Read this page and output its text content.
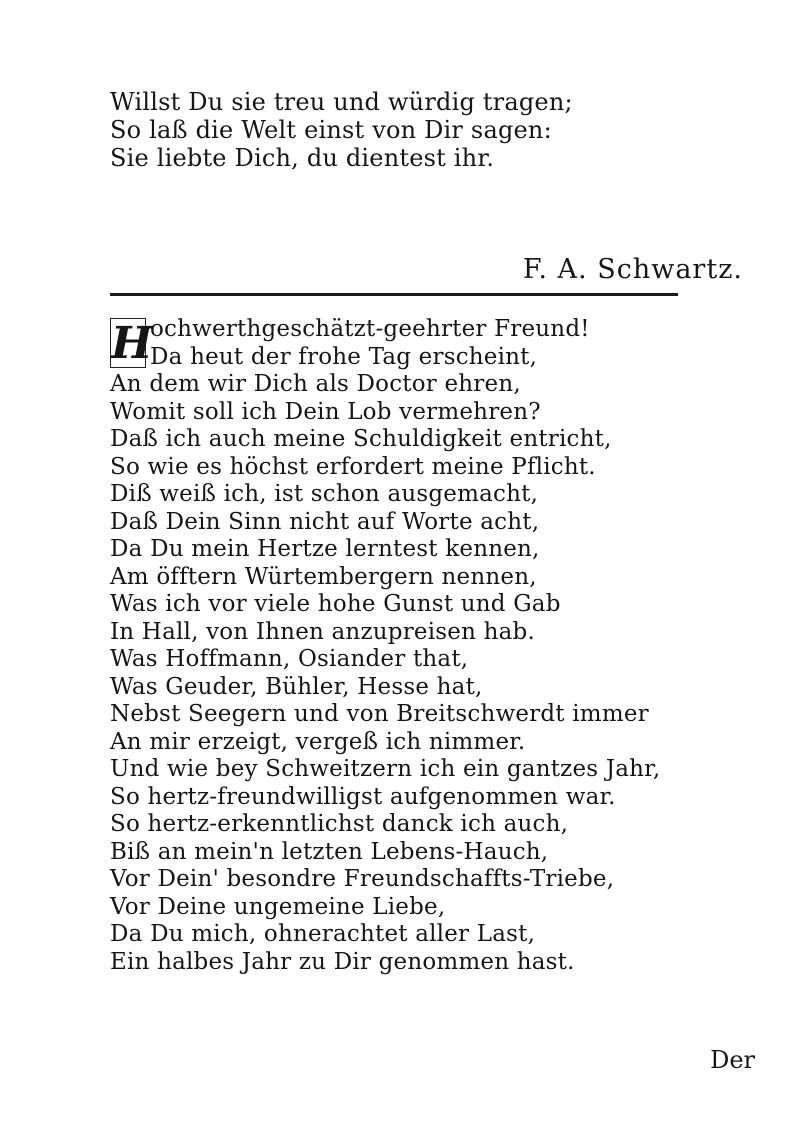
Willst Du sie treu und würdig tragen;
So laß die Welt einst von Dir sagen:
Sie liebte Dich, du dientest ihr.
F. A. Schwartz.
H
ochwerthgeschätzt-geehrter Freund!
Da heut der frohe Tag erscheint,
An dem wir Dich als Doctor ehren,
Womit soll ich Dein Lob vermehren?
Daß ich auch meine Schuldigkeit entricht,
So wie es höchst erfordert meine Pflicht.
Diß weiß ich, ist schon ausgemacht,
Daß Dein Sinn nicht auf Worte acht,
Da Du mein Hertze lerntest kennen,
Am öfftern Würtembergern nennen,
Was ich vor viele hohe Gunst und Gab
In Hall, von Ihnen anzupreisen hab.
Was Hoffmann, Osiander that,
Was Geuder, Bühler, Hesse hat,
Nebst Seegern und von Breitschwerdt immer
An mir erzeigt, vergeß ich nimmer.
Und wie bey Schweitzern ich ein gantzes Jahr,
So hertz-freundwilligst aufgenommen war.
So hertz-erkenntlichst danck ich auch,
Biß an mein'n letzten Lebens-Hauch,
Vor Dein' besondre Freundschaffts-Triebe,
Vor Deine ungemeine Liebe,
Da Du mich, ohnerachtet aller Last,
Ein halbes Jahr zu Dir genommen hast.
Der
